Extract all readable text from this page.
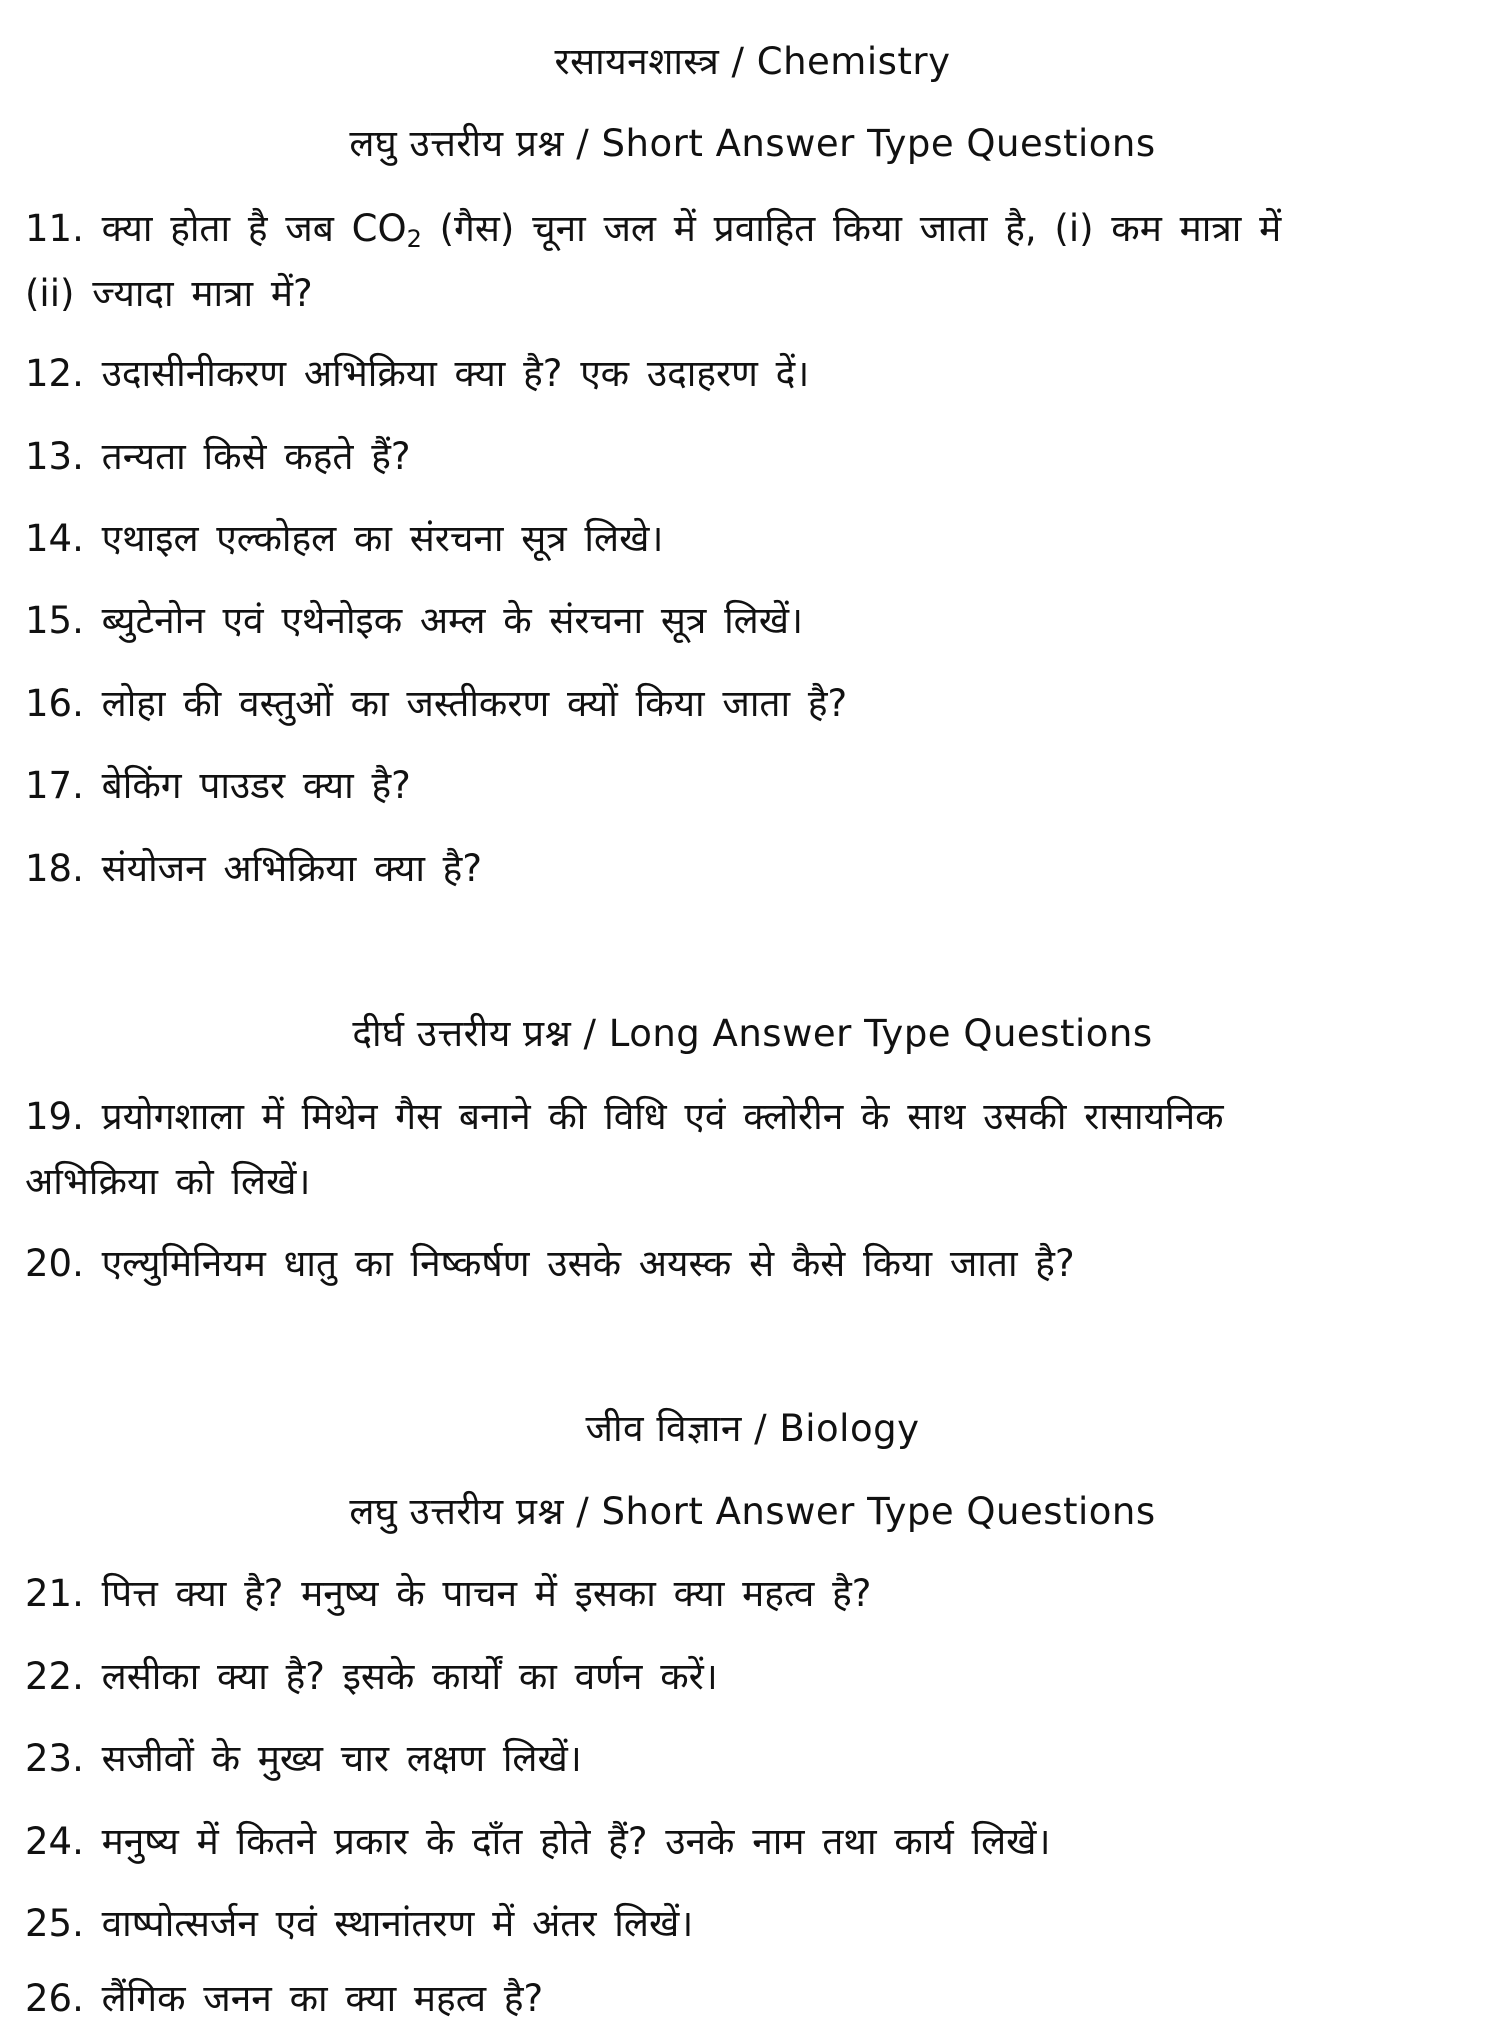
रसायनशास्त्र / Chemistry
लघु उत्तरीय प्रश्न / Short Answer Type Questions
11. क्या होता है जब $CO_2$ (गैस) चूना जल में प्रवाहित किया जाता है, (i) कम मात्रा में
(ii) ज्यादा मात्रा में?
12. उदासीनीकरण अभिक्रिया क्या है? एक उदाहरण दें।
13. तन्यता किसे कहते हैं?
14. एथाइल एल्कोहल का संरचना सूत्र लिखे।
15. ब्युटेनोन एवं एथेनोइक अम्ल के संरचना सूत्र लिखें।
16. लोहा की वस्तुओं का जस्तीकरण क्यों किया जाता है?
17. बेकिंग पाउडर क्या है?
18. संयोजन अभिक्रिया क्या है?
दीर्घ उत्तरीय प्रश्न / Long Answer Type Questions
19. प्रयोगशाला में मिथेन गैस बनाने की विधि एवं क्लोरीन के साथ उसकी रासायनिक
अभिक्रिया को लिखें।
20. एल्युमिनियम धातु का निष्कर्षण उसके अयस्क से कैसे किया जाता है?
जीव विज्ञान / Biology
लघु उत्तरीय प्रश्न / Short Answer Type Questions
21. पित्त क्या है? मनुष्य के पाचन में इसका क्या महत्व है?
22. लसीका क्या है? इसके कार्यों का वर्णन करें।
23. सजीवों के मुख्य चार लक्षण लिखें।
24. मनुष्य में कितने प्रकार के दाँत होते हैं? उनके नाम तथा कार्य लिखें।
25. वाष्पोत्सर्जन एवं स्थानांतरण में अंतर लिखें।
26. लैंगिक जनन का क्या महत्व है?
